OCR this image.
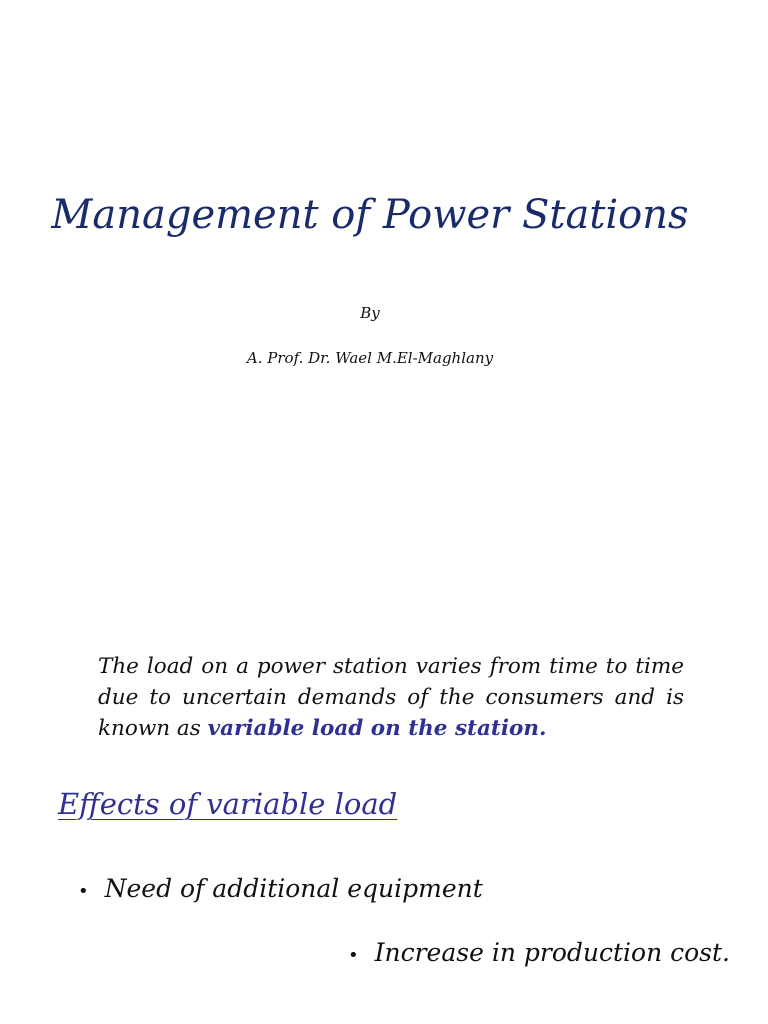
Management of Power Stations
By
A. Prof. Dr. Wael M.El-Maghlany

The load on a power station varies from time to time due to uncertain demands of the consumers and is known as variable load on the station.

Effects of variable load
• Need of additional equipment
• Increase in production cost.
